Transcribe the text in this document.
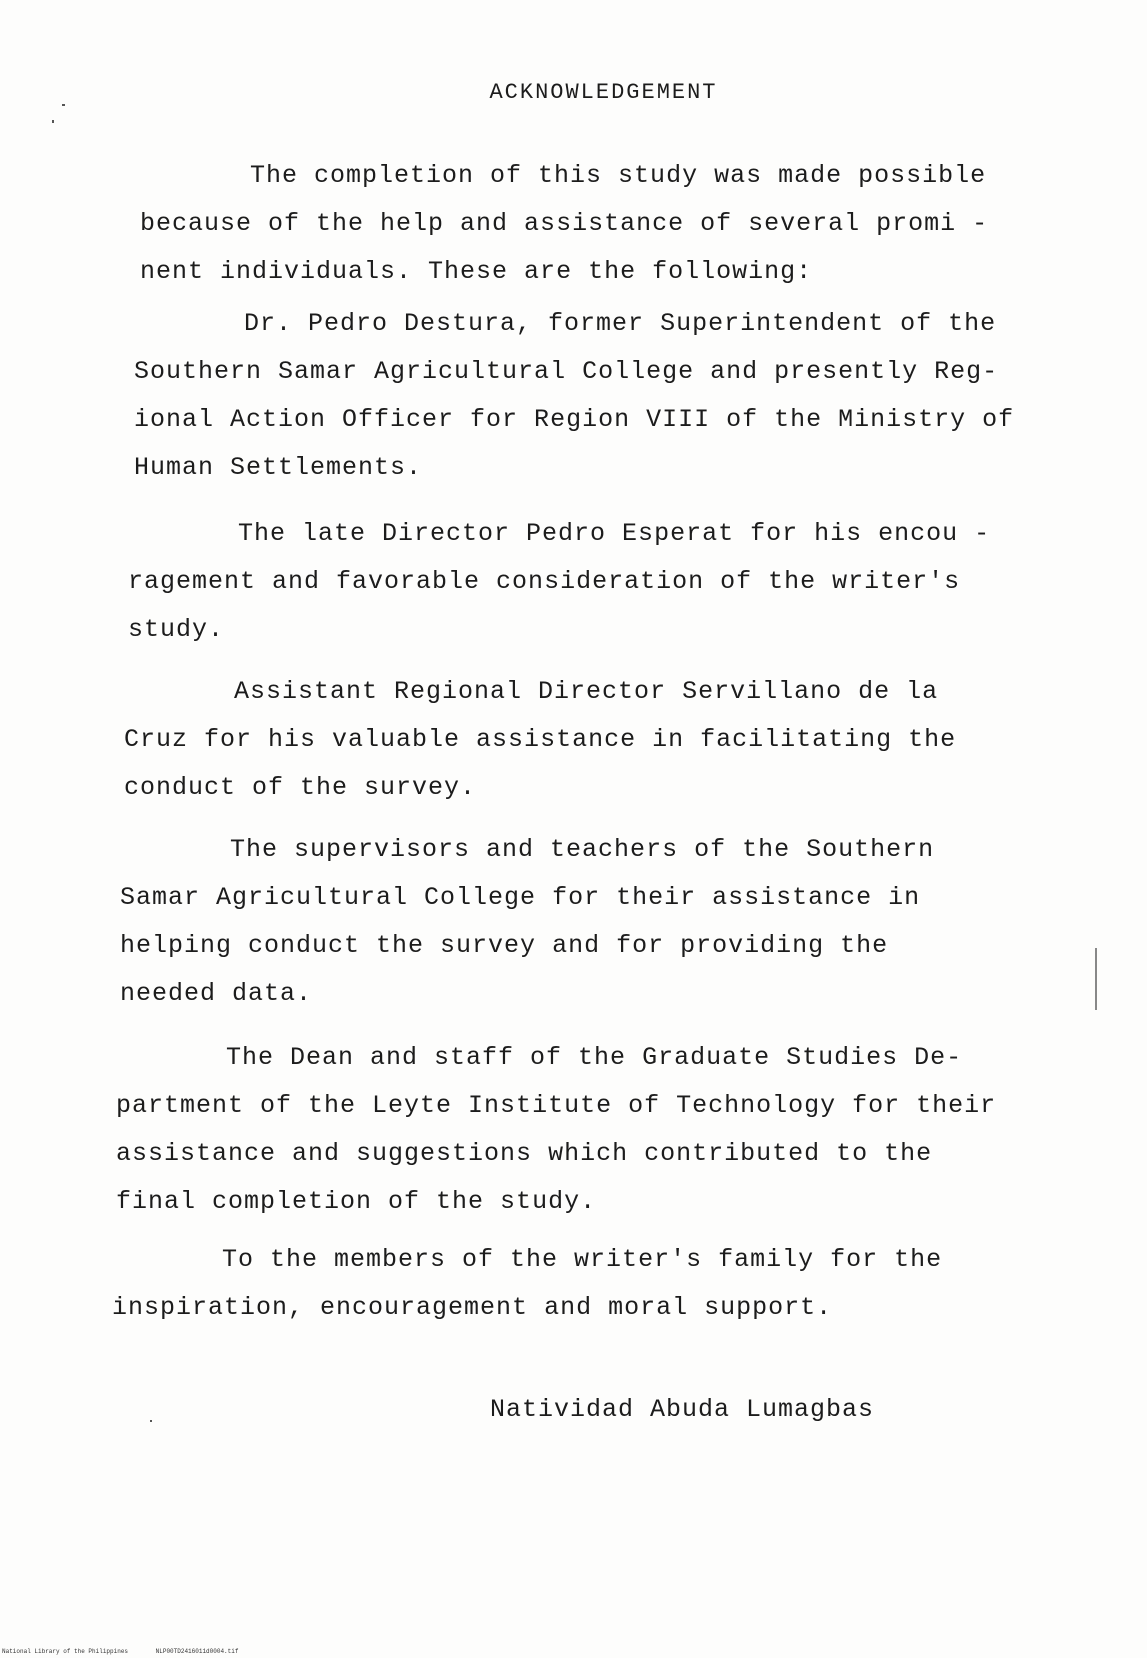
ACKNOWLEDGEMENT
The completion of this study was made possible
because of the help and assistance of several promi -
nent individuals. These are the following:
Dr. Pedro Destura, former Superintendent of the
Southern Samar Agricultural College and presently Reg-
ional Action Officer for Region VIII of the Ministry of
Human Settlements.
The late Director Pedro Esperat for his encou -
ragement and favorable consideration of the writer's
study.
Assistant Regional Director Servillano de la
Cruz for his valuable assistance in facilitating the
conduct of the survey.
The supervisors and teachers of the Southern
Samar Agricultural College for their assistance in
helping conduct the survey and for providing the
needed data.
The Dean and staff of the Graduate Studies De-
partment of the Leyte Institute of Technology for their
assistance and suggestions which contributed to the
final completion of the study.
To the members of the writer's family for the
inspiration, encouragement and moral support.
Natividad Abuda Lumagbas
National Library of the Philippines	NLP00TD2416011d0004.tif
